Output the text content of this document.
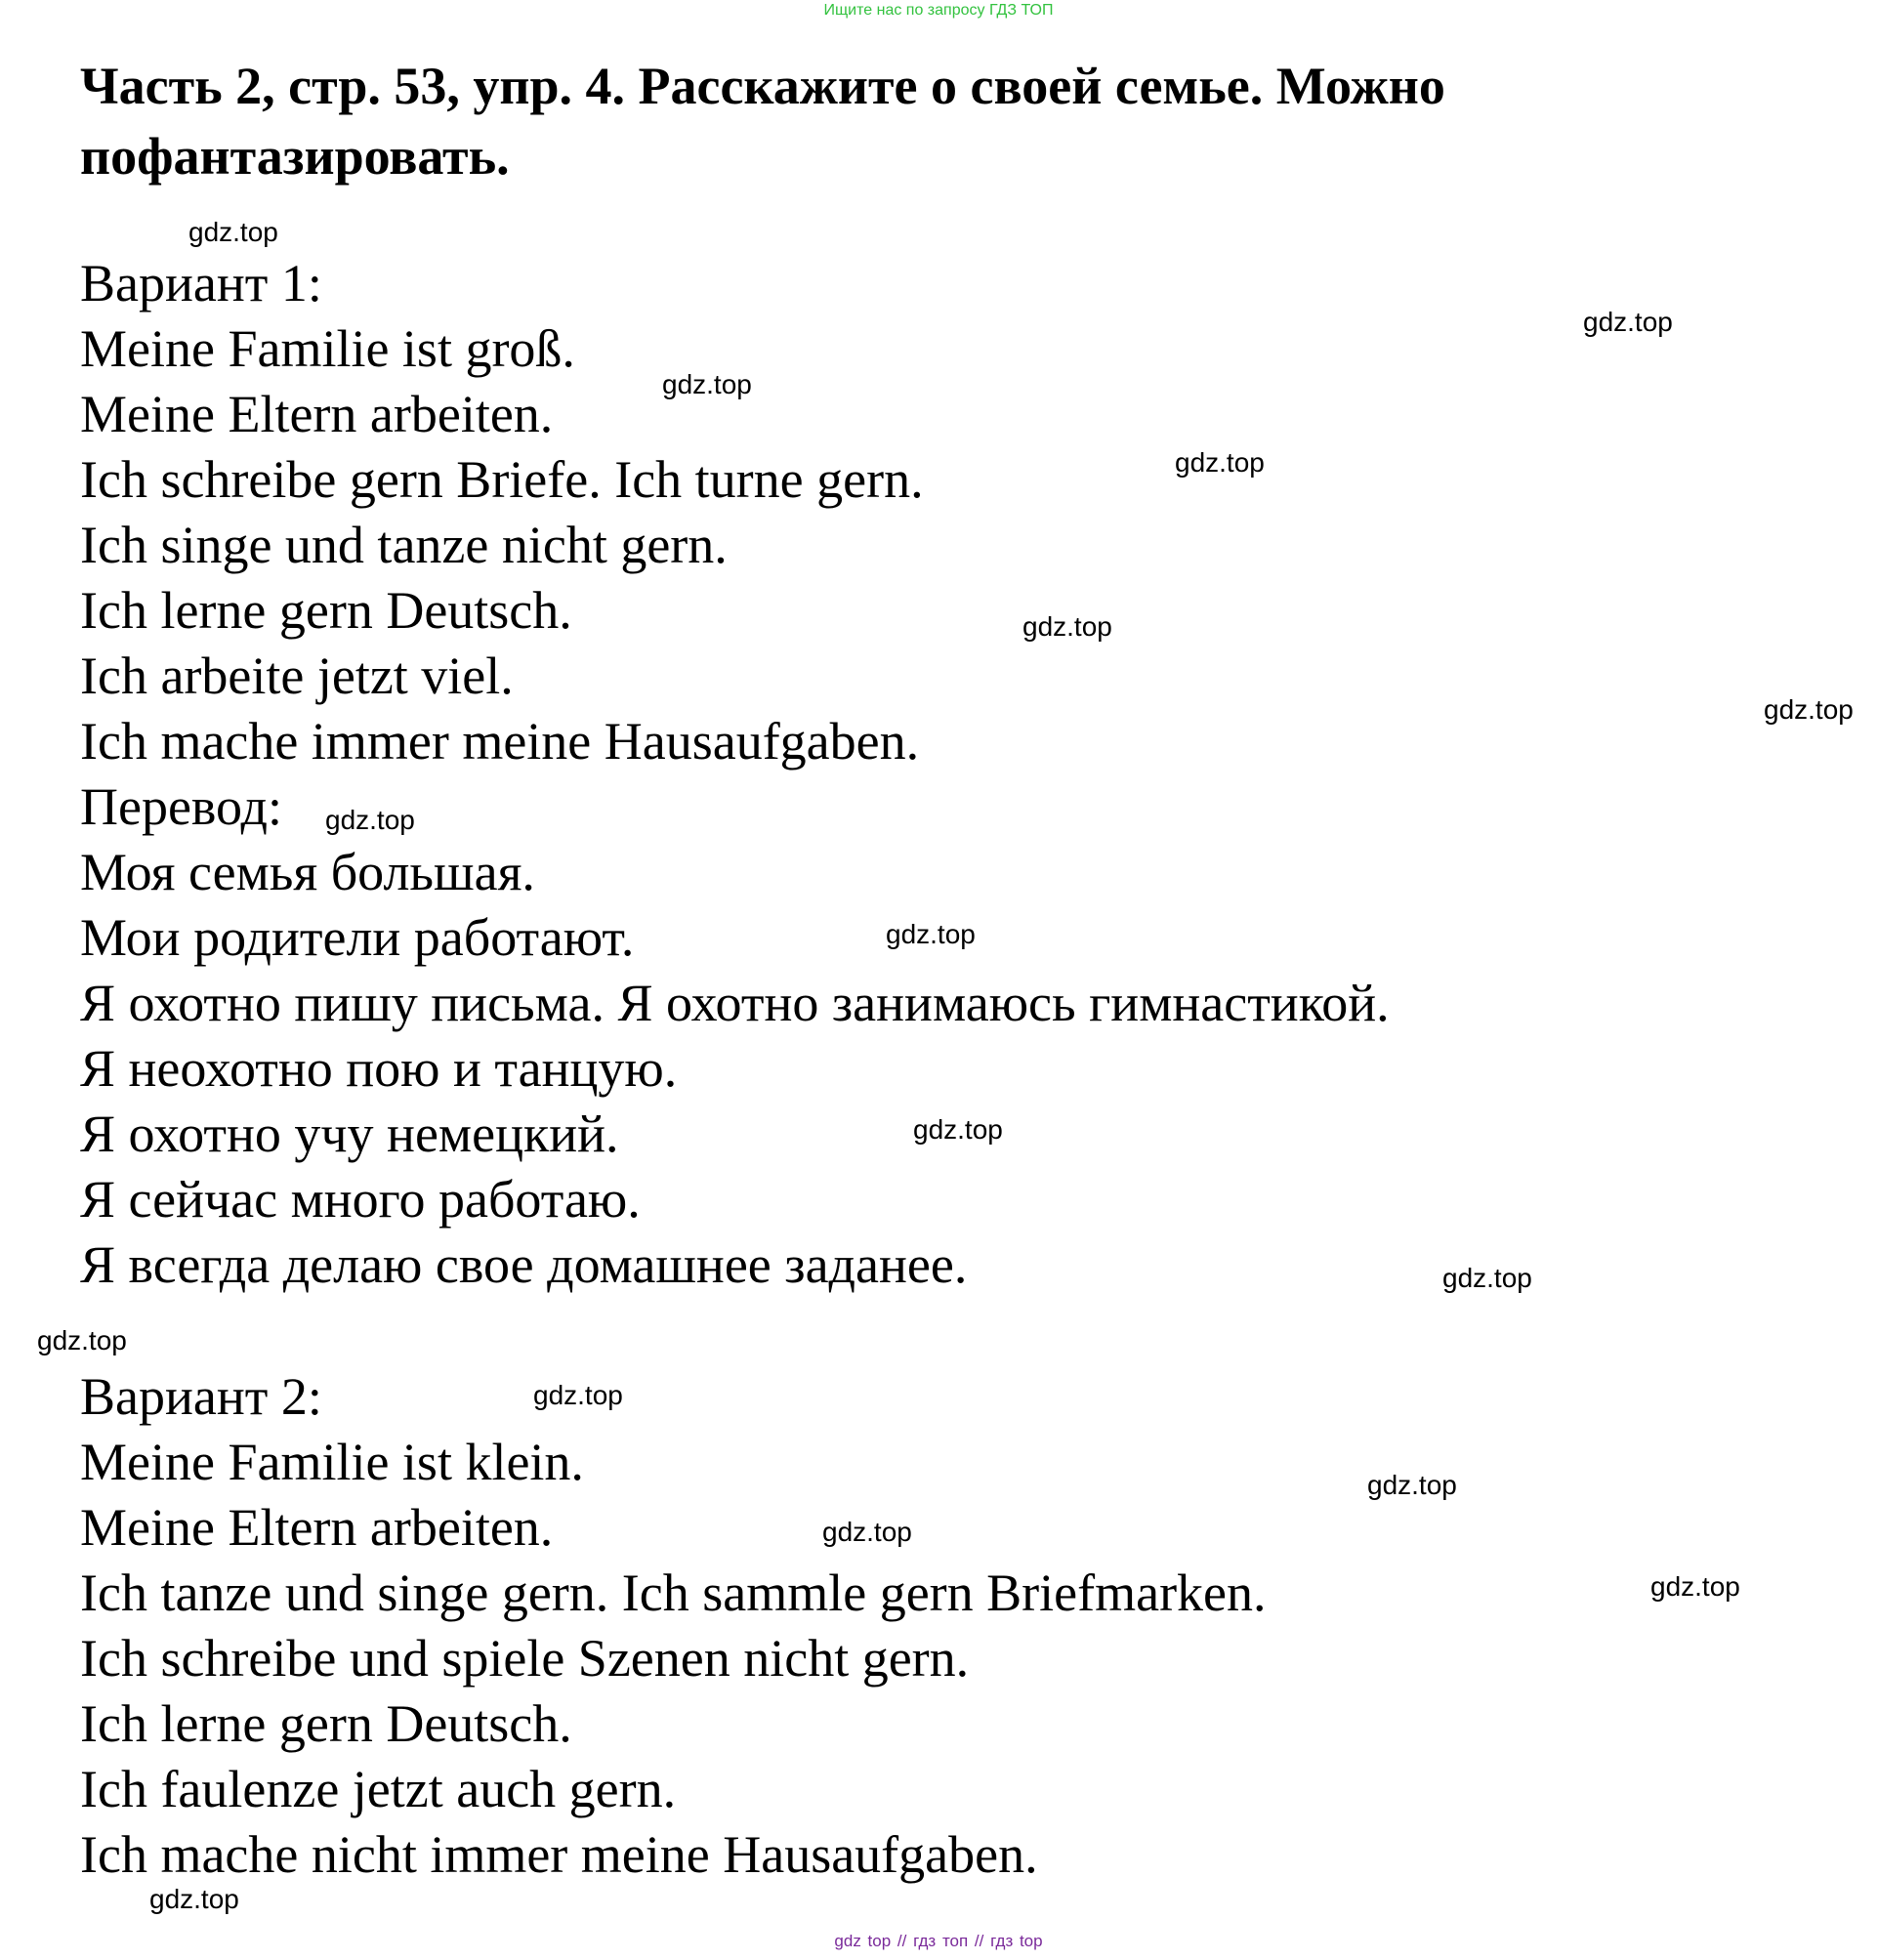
Ищите нас по запросу ГДЗ ТОП
Часть 2, стр. 53, упр. 4. Расскажите о своей семье. Можно пофантазировать.
Вариант 1:
Meine Familie ist groß.
Meine Eltern arbeiten.
Ich schreibe gern Briefe. Ich turne gern.
Ich singe und tanze nicht gern.
Ich lerne gern Deutsch.
Ich arbeite jetzt viel.
Ich mache immer meine Hausaufgaben.
Перевод:
Моя семья большая.
Мои родители работают.
Я охотно пишу письма. Я охотно занимаюсь гимнастикой.
Я неохотно пою и танцую.
Я охотно учу немецкий.
Я сейчас много работаю.
Я всегда делаю свое домашнее заданее.
Вариант 2:
Meine Familie ist klein.
Meine Eltern arbeiten.
Ich tanze und singe gern. Ich sammle gern Briefmarken.
Ich schreibe und spiele Szenen nicht gern.
Ich lerne gern Deutsch.
Ich faulenze jetzt auch gern.
Ich mache nicht immer meine Hausaufgaben.
gdz.top
gdz.top
gdz.top
gdz.top
gdz.top
gdz.top
gdz.top
gdz.top
gdz.top
gdz.top
gdz.top
gdz.top
gdz.top
gdz.top
gdz.top
gdz.top
gdz top // гдз топ // гдз top
